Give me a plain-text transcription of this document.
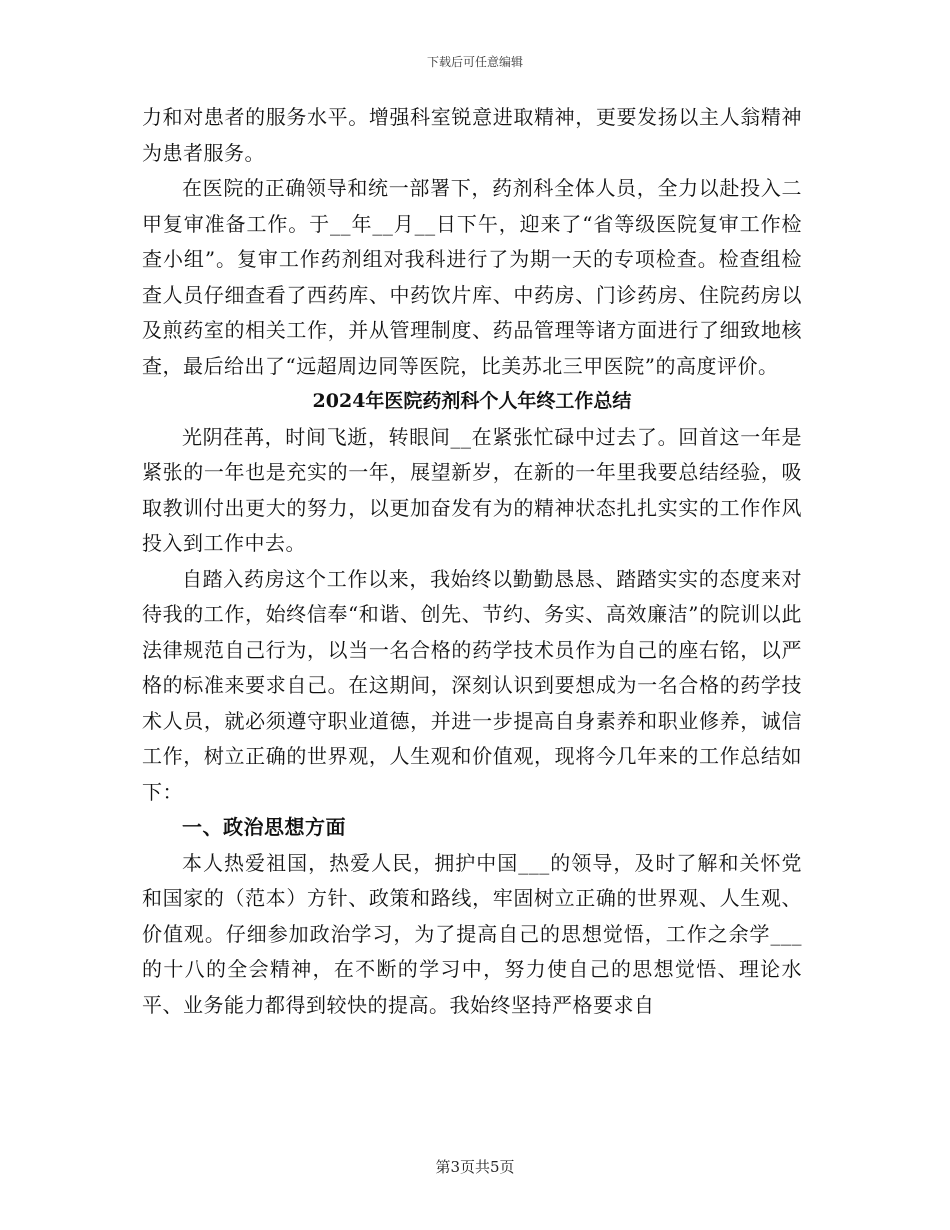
下载后可任意编辑

力和对患者的服务水平。增强科室锐意进取精神，更要发扬以主人翁精神为患者服务。

在医院的正确领导和统一部署下，药剂科全体人员，全力以赴投入二甲复审准备工作。于__年__月__日下午，迎来了“省等级医院复审工作检查小组”。复审工作药剂组对我科进行了为期一天的专项检查。检查组检查人员仔细查看了西药库、中药饮片库、中药房、门诊药房、住院药房以及煎药室的相关工作，并从管理制度、药品管理等诸方面进行了细致地核查，最后给出了“远超周边同等医院，比美苏北三甲医院”的高度评价。

2024年医院药剂科个人年终工作总结

光阴荏苒，时间飞逝，转眼间__在紧张忙碌中过去了。回首这一年是紧张的一年也是充实的一年，展望新岁，在新的一年里我要总结经验，吸取教训付出更大的努力，以更加奋发有为的精神状态扎扎实实的工作作风投入到工作中去。

自踏入药房这个工作以来，我始终以勤勤恳恳、踏踏实实的态度来对待我的工作，始终信奉“和谐、创先、节约、务实、高效廉洁”的院训以此法律规范自己行为，以当一名合格的药学技术员作为自己的座右铭，以严格的标准来要求自己。在这期间，深刻认识到要想成为一名合格的药学技术人员，就必须遵守职业道德，并进一步提高自身素养和职业修养，诚信工作，树立正确的世界观，人生观和价值观，现将今几年来的工作总结如下：

一、政治思想方面

本人热爱祖国，热爱人民，拥护中国___的领导，及时了解和关怀党和国家的（范本）方针、政策和路线，牢固树立正确的世界观、人生观、价值观。仔细参加政治学习，为了提高自己的思想觉悟，工作之余学___的十八的全会精神，在不断的学习中，努力使自己的思想觉悟、理论水平、业务能力都得到较快的提高。我始终坚持严格要求自

第3页共5页
